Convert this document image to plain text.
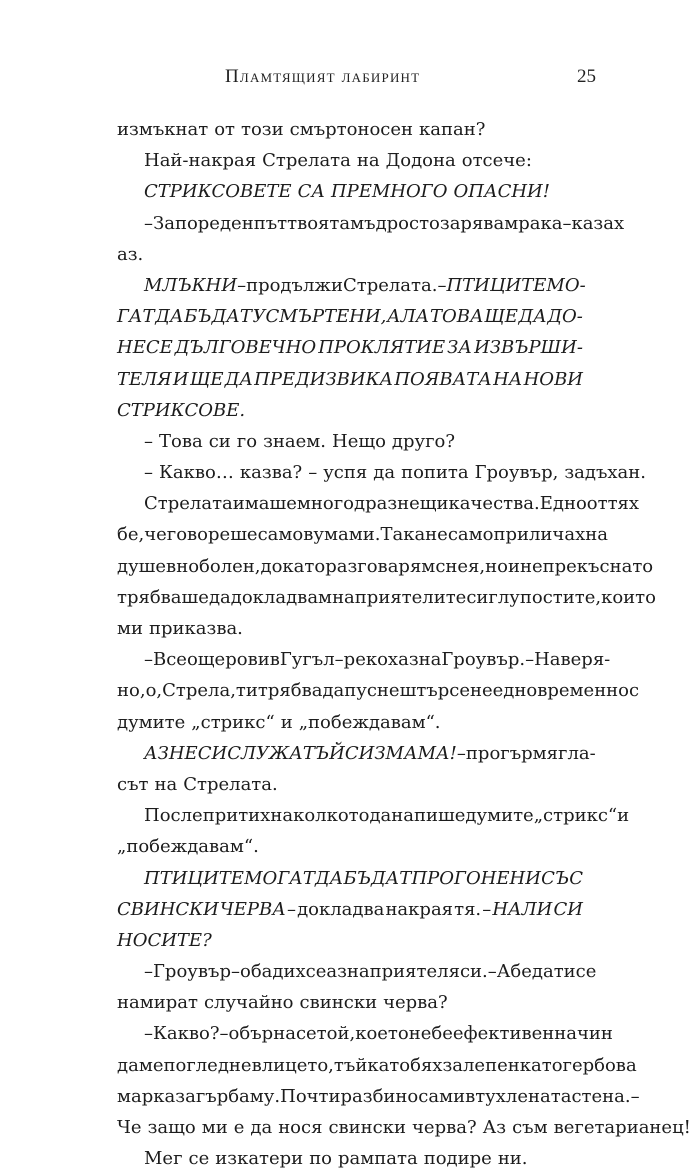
Пламтящият лабиринт	25
измъкнат от този смъртоносен капан?
Най-накрая Стрелата на Додона отсече:
СТРИКСОВЕТЕ СА ПРЕМНОГО ОПАСНИ!
– За пореден път твоята мъдрост озарява мрака – казах
аз.
МЛЪКНИ – продължи Стрелата. – ПТИЦИТЕ МО-
ГАТ ДА БЪДАТ УСМЪРТЕНИ, АЛА ТОВА ЩЕ ДА ДО-
НЕСЕ ДЪЛГОВЕЧНО ПРОКЛЯТИЕ ЗА ИЗВЪРШИ-
ТЕЛЯ И ЩЕ ДА ПРЕДИЗВИКА ПОЯВАТА НА НОВИ
СТРИКСОВЕ.
– Това си го знаем. Нещо друго?
– Какво… казва? – успя да попита Гроувър, задъхан.
Стрелата имаше много дразнещи качества. Едно от тях
бе, че говореше само в ума ми. Така не само приличах на
душевноболен, докато разговарям с нея, но и непрекъснато
трябваше да докладвам на приятелите си глупостите, които
ми приказва.
– Все още рови в Гугъл – рекох аз на Гроувър. – Наверя-
но, о, Стрела, ти трябва да пуснеш търсене едновременно с
думите „стрикс“ и „побеждавам“.
АЗ НЕ СИ СЛУЖА ТЪЙ С ИЗМАМА! – прогърмя гла-
сът на Стрелата.
После притихна колкото да напише думите „стрикс“ и
„побеждавам“.
ПТИЦИТЕ МОГАТ ДА БЪДАТ ПРОГОНЕНИ СЪС
СВИНСКИ ЧЕРВА – докладва накрая тя. – НАЛИ СИ
НОСИТЕ?
– Гроувър – обадих се аз на приятеля си. – Абе да ти се
намират случайно свински черва?
– Какво? – обърна се той, което не бе ефективен начин
да ме погледне в лицето, тъй като бях залепен като гербова
марка за гърба му. Почти разби носа ми в тухлената стена. –
Че защо ми е да нося свински черва? Аз съм вегетарианец!
Мег се изкатери по рампата подире ни.
